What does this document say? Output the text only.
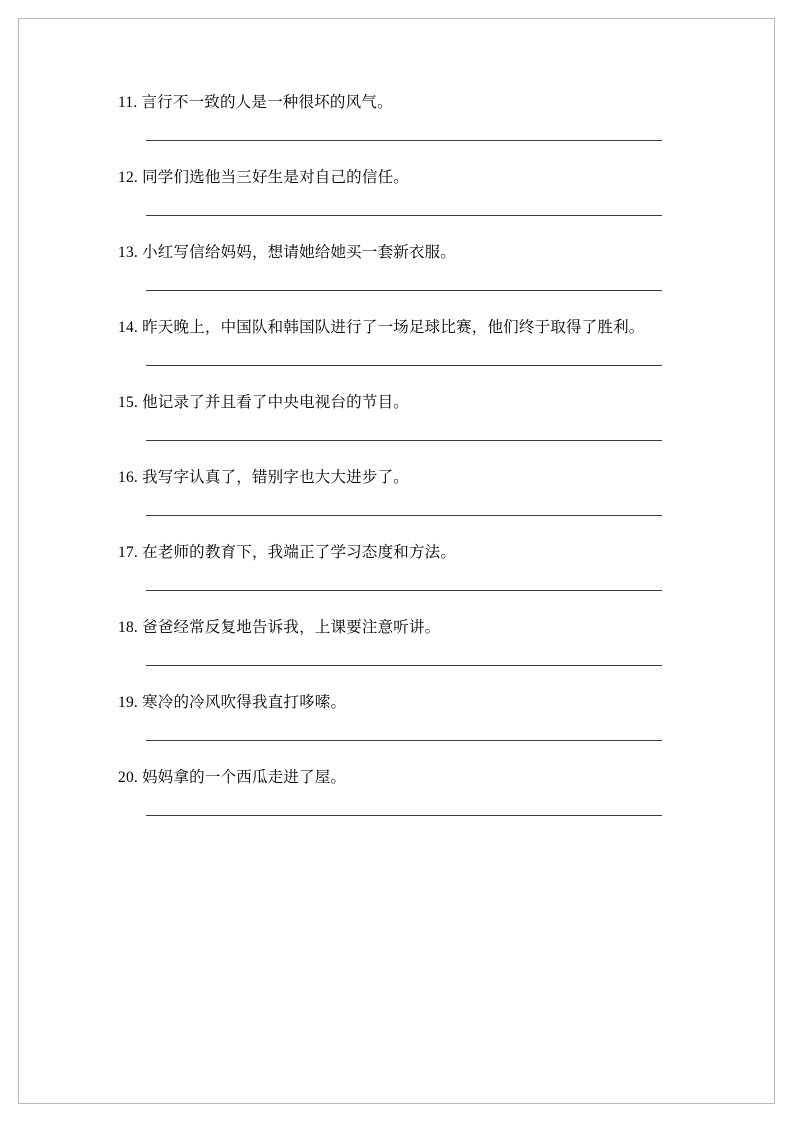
11. 言行不一致的人是一种很坏的风气。

12. 同学们选他当三好生是对自己的信任。

13. 小红写信给妈妈，想请她给她买一套新衣服。

14. 昨天晚上，中国队和韩国队进行了一场足球比赛，他们终于取得了胜利。

15. 他记录了并且看了中央电视台的节目。

16. 我写字认真了，错别字也大大进步了。

17. 在老师的教育下，我端正了学习态度和方法。

18. 爸爸经常反复地告诉我，上课要注意听讲。

19. 寒冷的冷风吹得我直打哆嗦。

20. 妈妈拿的一个西瓜走进了屋。
